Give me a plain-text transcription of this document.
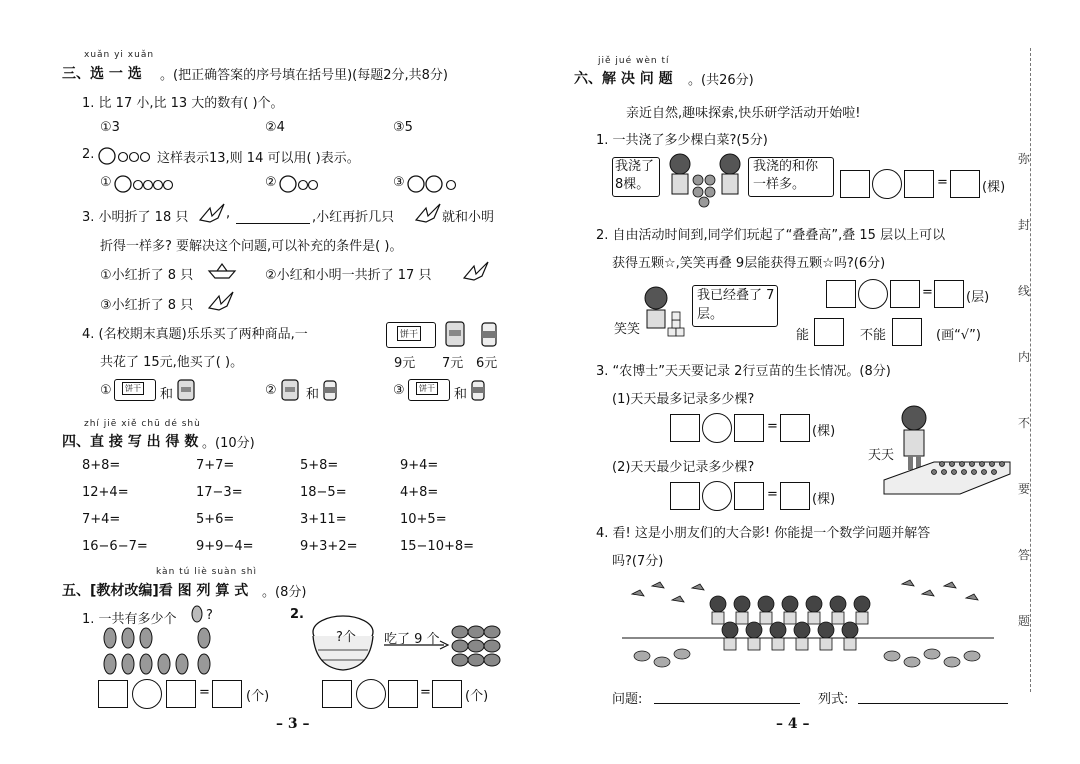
xuǎn yi xuǎn
三、选 一 选 。(把正确答案的序号填在括号里)(每题2分,共8分)
1. 比 17 小,比 13 大的数有( )个。
①3	②4	③5
2.	这样表示13,则 14 可以用( )表示。
①	②	③
3. 小明折了 18 只	,	,小红再折几只	就和小明
折得一样多? 要解决这个问题,可以补充的条件是( )。
①小红折了 8 只	②小红和小明一共折了 17 只
③小红折了 8 只
4. (名校期末真题)乐乐买了两种商品,一
共花了 15元,他买了( )。
饼干
9元 7元 6元
①	饼干 和	② 和	③	饼干 和
zhí jiē xiě chū dé shù
四、直 接 写 出 得 数 。(10分)
8+8=	7+7=	5+8=	9+4=
12+4=	17−3=	18−5=	4+8=
7+4=	5+6=	3+11=	10+5=
16−6−7=	9+9−4=	9+3+2=	15−10+8=
kàn tú liè suàn shì
五、[教材改编]看 图 列 算 式 。(8分)
1. 一共有多少个 ?	2.
?个 吃了 9 个
=	(个)	=	(个)
– 3 –
jiě jué wèn tí
六、解 决 问 题 。(共26分)
亲近自然,趣味探索,快乐研学活动开始啦!
1. 一共浇了多少棵白菜?(5分)
我浇了 8棵。
我浇的和你 一样多。	=	(棵)
2. 自由活动时间到,同学们玩起了“叠叠高”,叠 15 层以上可以
获得五颗☆,笑笑再叠 9层能获得五颗☆吗?(6分)
笑笑
我已经叠了 7层。
=	(层)
能	不能	(画“√”)
3. “农博士”天天要记录 2行豆苗的生长情况。(8分)
(1)天天最多记录多少棵?
=	(棵)
(2)天天最少记录多少棵?
=	(棵)
天天
4. 看! 这是小朋友们的大合影! 你能提一个数学问题并解答
吗?(7分)
问题:	列式:
– 4 –
弥
封
线
内
不
要
答
题
